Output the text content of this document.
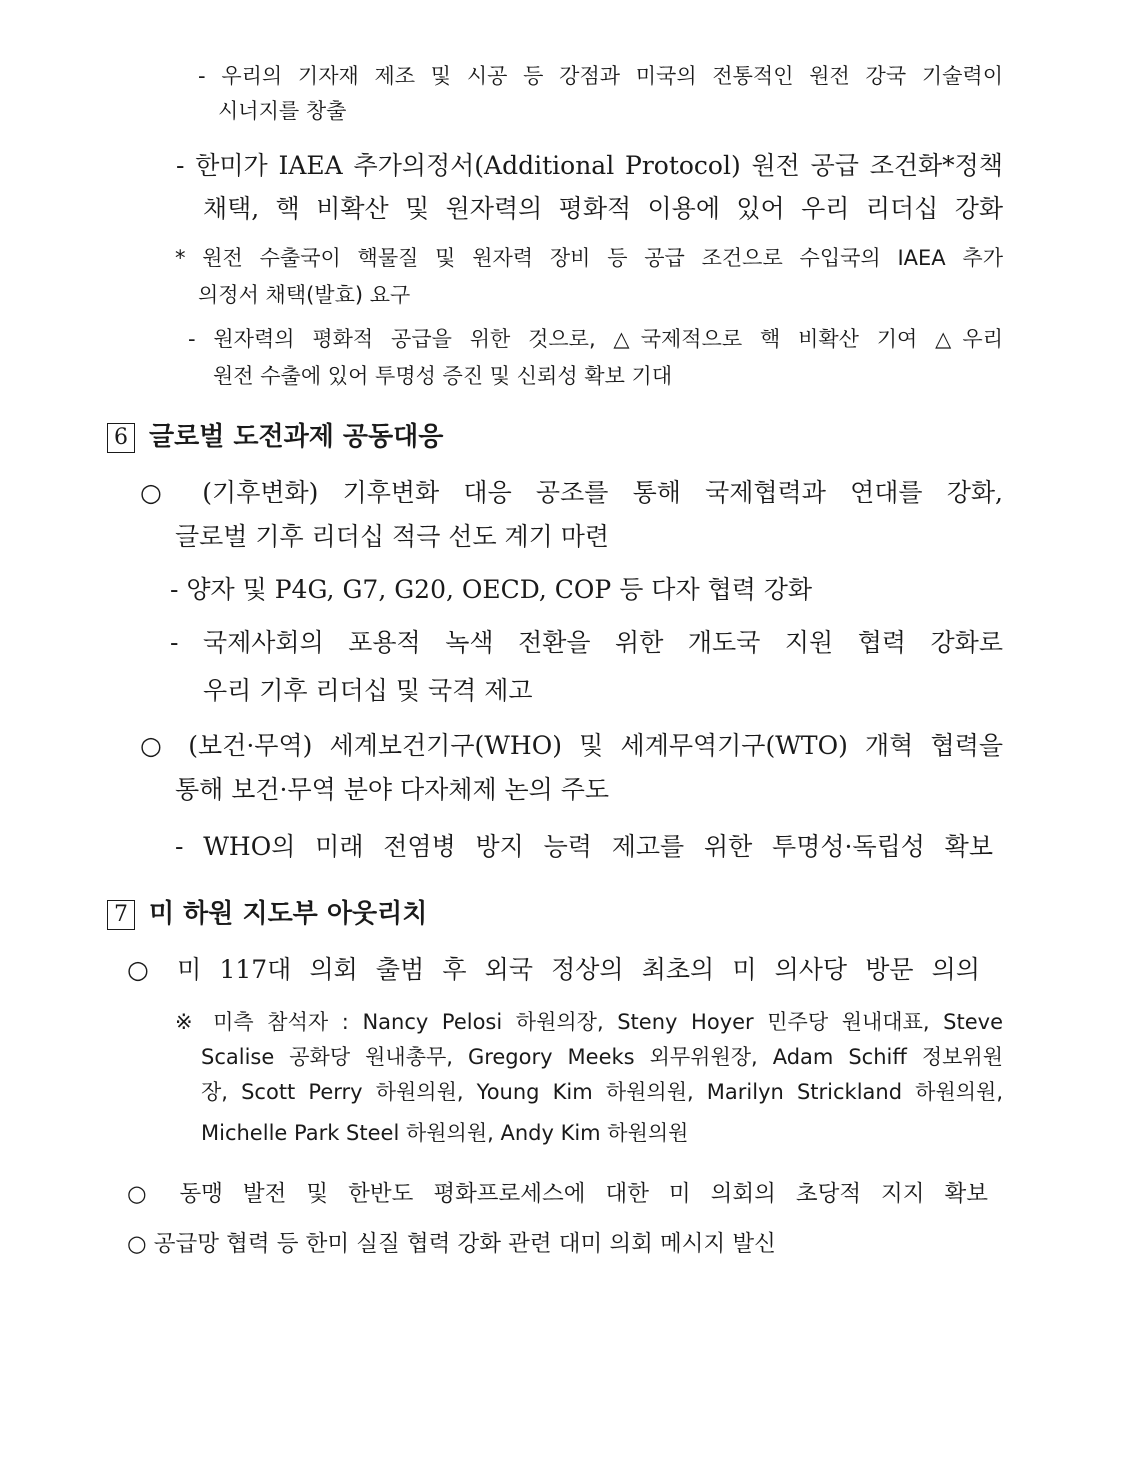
- 우리의 기자재 제조 및 시공 등 강점과 미국의 전통적인 원전 강국 기술력이

시너지를 창출

- 한미가 IAEA 추가의정서(Additional Protocol) 원전 공급 조건화*정책

채택, 핵 비확산 및 원자력의 평화적 이용에 있어 우리 리더십 강화

* 원전 수출국이 핵물질 및 원자력 장비 등 공급 조건으로 수입국의 IAEA 추가

의정서 채택(발효) 요구

- 원자력의 평화적 공급을 위한 것으로, △국제적으로 핵 비확산 기여 △우리

원전 수출에 있어 투명성 증진 및 신뢰성 확보 기대

6 글로벌 도전과제 공동대응

○ (기후변화) 기후변화 대응 공조를 통해 국제협력과 연대를 강화,

글로벌 기후 리더십 적극 선도 계기 마련

- 양자 및 P4G, G7, G20, OECD, COP 등 다자 협력 강화

- 국제사회의 포용적 녹색 전환을 위한 개도국 지원 협력 강화로

우리 기후 리더십 및 국격 제고

○ (보건·무역) 세계보건기구(WHO) 및 세계무역기구(WTO) 개혁 협력을

통해 보건·무역 분야 다자체제 논의 주도

- WHO의 미래 전염병 방지 능력 제고를 위한 투명성·독립성 확보

7 미 하원 지도부 아웃리치

○ 미 117대 의회 출범 후 외국 정상의 최초의 미 의사당 방문 의의

※ 미측 참석자 : Nancy Pelosi 하원의장, Steny Hoyer 민주당 원내대표, Steve

Scalise 공화당 원내총무, Gregory Meeks 외무위원장, Adam Schiff 정보위원

장, Scott Perry 하원의원, Young Kim 하원의원, Marilyn Strickland 하원의원,

Michelle Park Steel 하원의원, Andy Kim 하원의원

○ 동맹 발전 및 한반도 평화프로세스에 대한 미 의회의 초당적 지지 확보

○ 공급망 협력 등 한미 실질 협력 강화 관련 대미 의회 메시지 발신
